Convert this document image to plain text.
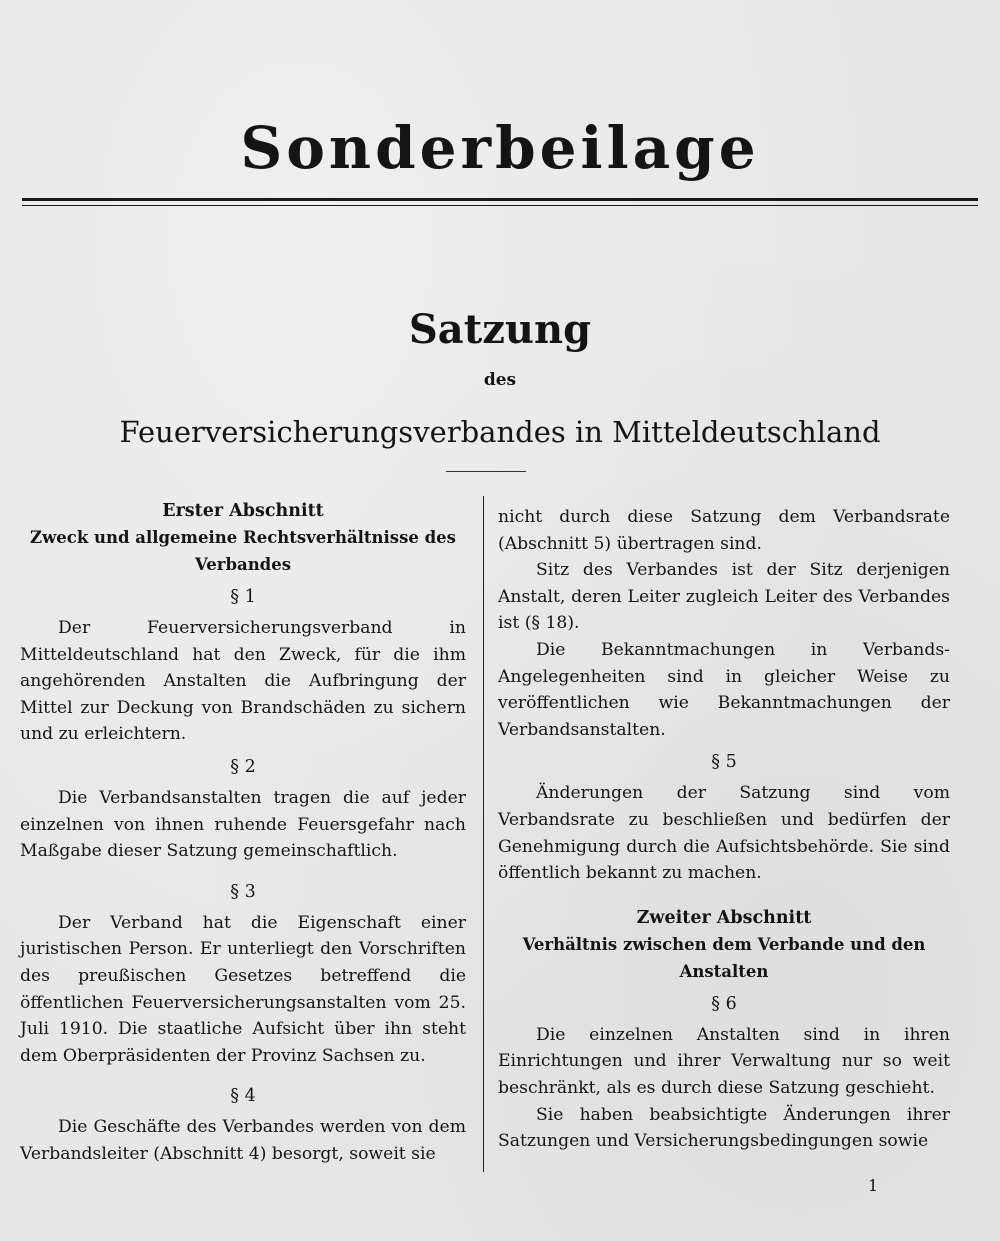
Sonderbeilage
Satzung
des
Feuerversicherungsverbandes in Mitteldeutschland
Erster Abschnitt
Zweck und allgemeine Rechtsverhältnisse des Verbandes
§ 1

Der Feuerversicherungsverband in Mitteldeutschland hat den Zweck, für die ihm angehörenden Anstalten die Aufbringung der Mittel zur Deckung von Brandschäden zu sichern und zu erleichtern.

§ 2

Die Verbandsanstalten tragen die auf jeder einzelnen von ihnen ruhende Feuersgefahr nach Maßgabe dieser Satzung gemeinschaftlich.

§ 3

Der Verband hat die Eigenschaft einer juristischen Person. Er unterliegt den Vorschriften des preußischen Gesetzes betreffend die öffentlichen Feuerversicherungsanstalten vom 25. Juli 1910. Die staatliche Aufsicht über ihn steht dem Oberpräsidenten der Provinz Sachsen zu.

§ 4

Die Geschäfte des Verbandes werden von dem Verbandsleiter (Abschnitt 4) besorgt, soweit sie

nicht durch diese Satzung dem Verbandsrate (Abschnitt 5) übertragen sind.

Sitz des Verbandes ist der Sitz derjenigen Anstalt, deren Leiter zugleich Leiter des Verbandes ist (§ 18).

Die Bekanntmachungen in Verbands-Angelegenheiten sind in gleicher Weise zu veröffentlichen wie Bekanntmachungen der Verbandsanstalten.

§ 5

Änderungen der Satzung sind vom Verbandsrate zu beschließen und bedürfen der Genehmigung durch die Aufsichtsbehörde. Sie sind öffentlich bekannt zu machen.

Zweiter Abschnitt
Verhältnis zwischen dem Verbande und den Anstalten
§ 6

Die einzelnen Anstalten sind in ihren Einrichtungen und ihrer Verwaltung nur so weit beschränkt, als es durch diese Satzung geschieht.

Sie haben beabsichtigte Änderungen ihrer Satzungen und Versicherungsbedingungen sowie

1
